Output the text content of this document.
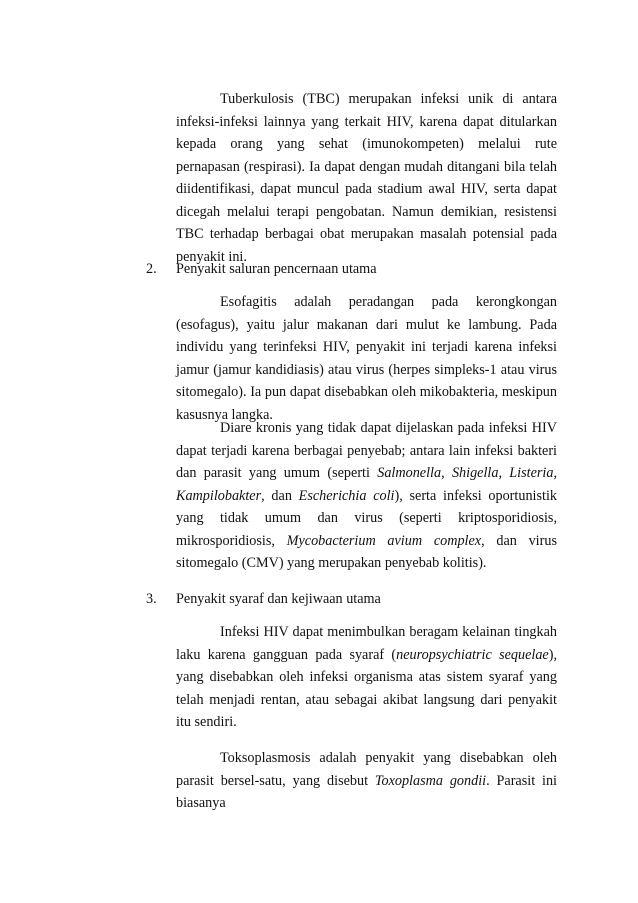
Tuberkulosis (TBC) merupakan infeksi unik di antara infeksi-infeksi lainnya yang terkait HIV, karena dapat ditularkan kepada orang yang sehat (imunokompeten) melalui rute pernapasan (respirasi). Ia dapat dengan mudah ditangani bila telah diidentifikasi, dapat muncul pada stadium awal HIV, serta dapat dicegah melalui terapi pengobatan. Namun demikian, resistensi TBC terhadap berbagai obat merupakan masalah potensial pada penyakit ini.

2. Penyakit saluran pencernaan utama

Esofagitis adalah peradangan pada kerongkongan (esofagus), yaitu jalur makanan dari mulut ke lambung. Pada individu yang terinfeksi HIV, penyakit ini terjadi karena infeksi jamur (jamur kandidiasis) atau virus (herpes simpleks-1 atau virus sitomegalo). Ia pun dapat disebabkan oleh mikobakteria, meskipun kasusnya langka.

Diare kronis yang tidak dapat dijelaskan pada infeksi HIV dapat terjadi karena berbagai penyebab; antara lain infeksi bakteri dan parasit yang umum (seperti Salmonella, Shigella, Listeria, Kampilobakter, dan Escherichia coli), serta infeksi oportunistik yang tidak umum dan virus (seperti kriptosporidiosis, mikrosporidiosis, Mycobacterium avium complex, dan virus sitomegalo (CMV) yang merupakan penyebab kolitis).

3. Penyakit syaraf dan kejiwaan utama

Infeksi HIV dapat menimbulkan beragam kelainan tingkah laku karena gangguan pada syaraf (neuropsychiatric sequelae), yang disebabkan oleh infeksi organisma atas sistem syaraf yang telah menjadi rentan, atau sebagai akibat langsung dari penyakit itu sendiri.

Toksoplasmosis adalah penyakit yang disebabkan oleh parasit bersel-satu, yang disebut Toxoplasma gondii. Parasit ini biasanya
